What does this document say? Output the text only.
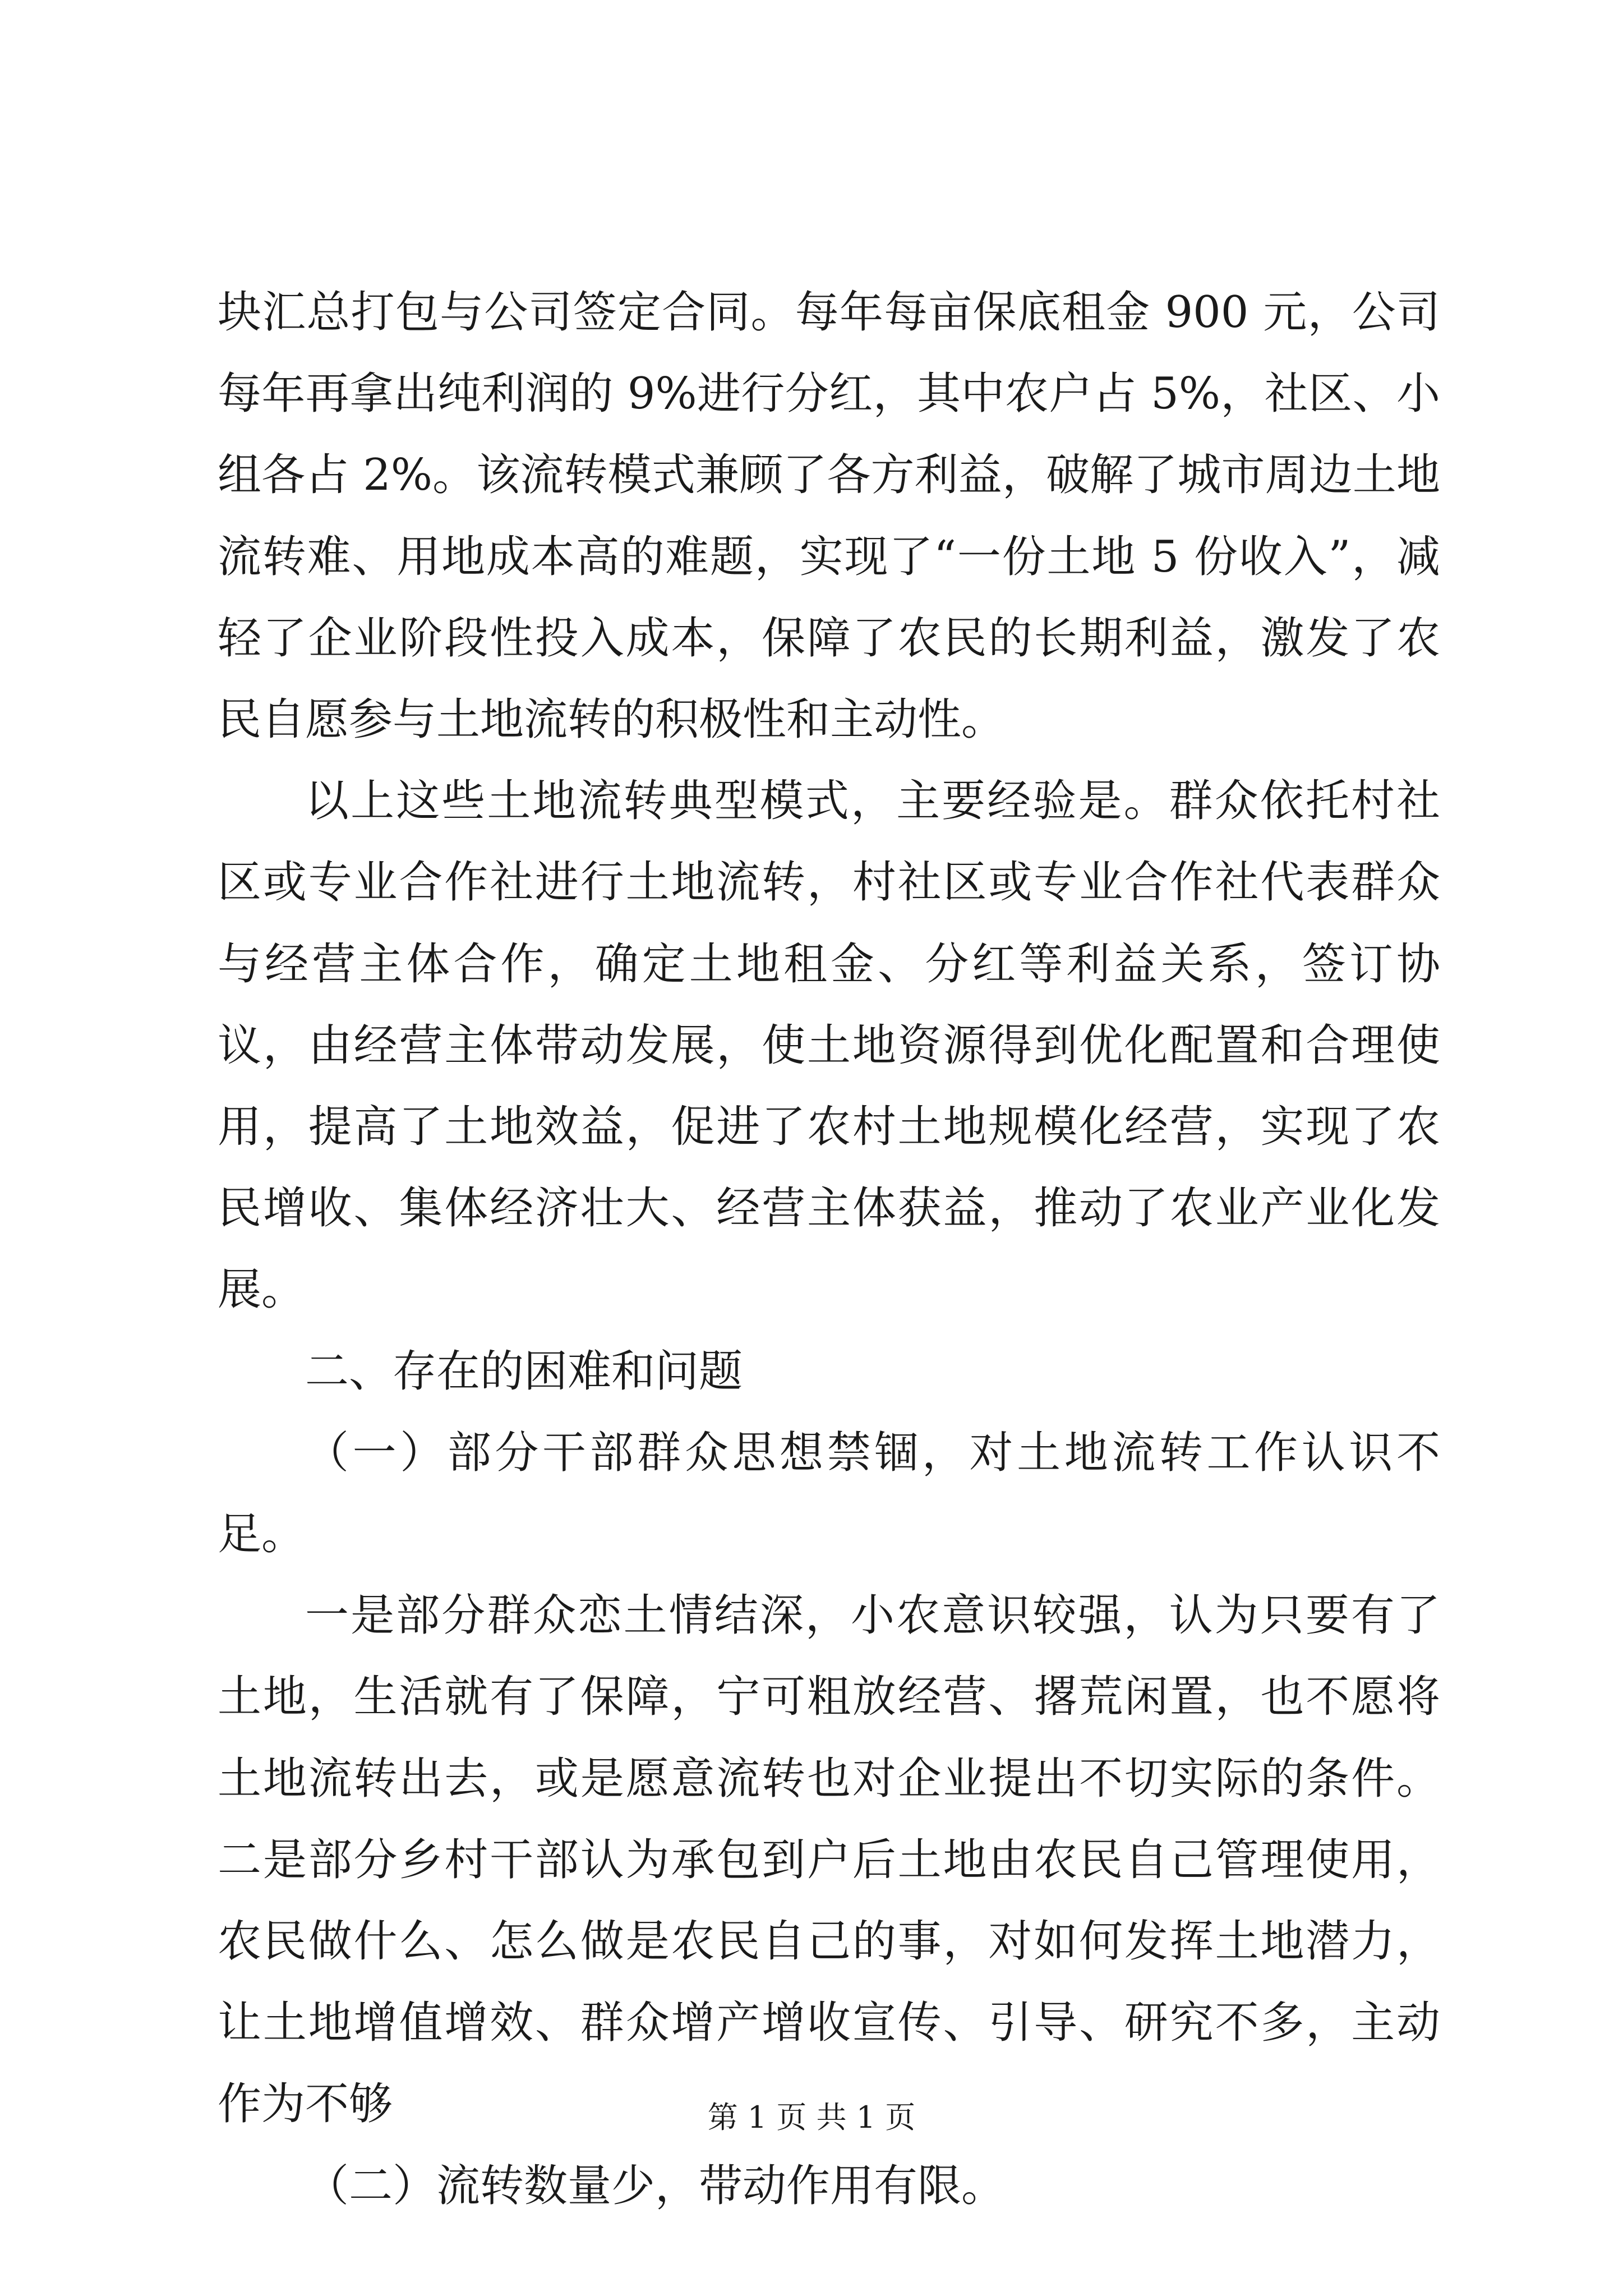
块汇总打包与公司签定合同。每年每亩保底租金 900 元，公司每年再拿出纯利润的 9%进行分红，其中农户占 5%，社区、小组各占 2%。该流转模式兼顾了各方利益，破解了城市周边土地流转难、用地成本高的难题，实现了“一份土地 5 份收入”，减轻了企业阶段性投入成本，保障了农民的长期利益，激发了农民自愿参与土地流转的积极性和主动性。

以上这些土地流转典型模式，主要经验是。群众依托村社区或专业合作社进行土地流转，村社区或专业合作社代表群众与经营主体合作，确定土地租金、分红等利益关系，签订协议，由经营主体带动发展，使土地资源得到优化配置和合理使用，提高了土地效益，促进了农村土地规模化经营，实现了农民增收、集体经济壮大、经营主体获益，推动了农业产业化发展。

二、存在的困难和问题

（一）部分干部群众思想禁锢，对土地流转工作认识不足。

一是部分群众恋土情结深，小农意识较强，认为只要有了土地，生活就有了保障，宁可粗放经营、撂荒闲置，也不愿将土地流转出去，或是愿意流转也对企业提出不切实际的条件。二是部分乡村干部认为承包到户后土地由农民自己管理使用，农民做什么、怎么做是农民自己的事，对如何发挥土地潜力，让土地增值增效、群众增产增收宣传、引导、研究不多，主动作为不够

（二）流转数量少，带动作用有限。

第 1 页 共 1 页
